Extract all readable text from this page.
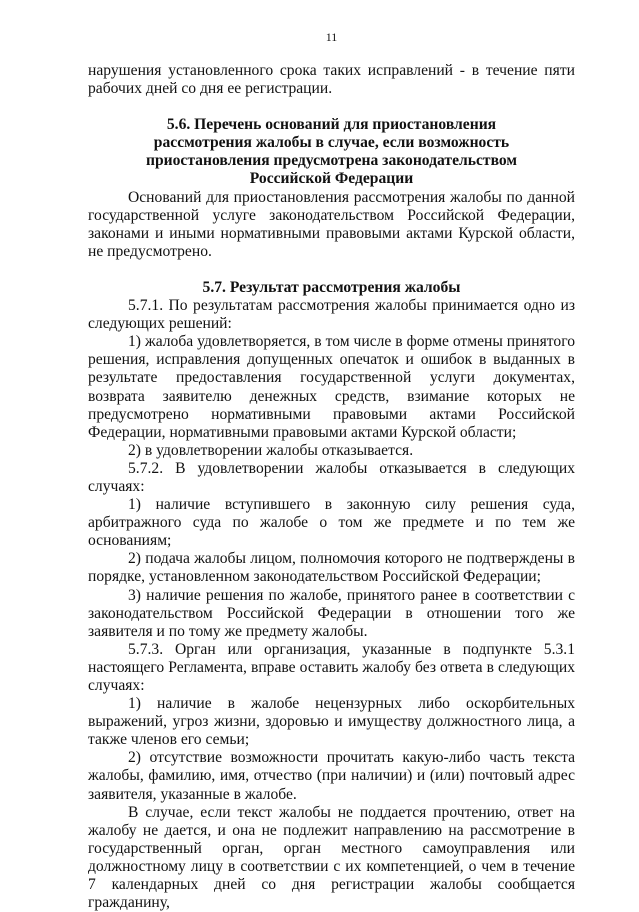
11

нарушения установленного срока таких исправлений - в течение пяти рабочих дней со дня ее регистрации.

5.6. Перечень оснований для приостановления

рассмотрения жалобы в случае, если возможность

приостановления предусмотрена законодательством

Российской Федерации

Оснований для приостановления рассмотрения жалобы по данной государственной услуге законодательством Российской Федерации, законами и иными нормативными правовыми актами Курской области, не предусмотрено.

5.7. Результат рассмотрения жалобы

5.7.1. По результатам рассмотрения жалобы принимается одно из следующих решений:

1) жалоба удовлетворяется, в том числе в форме отмены принятого решения, исправления допущенных опечаток и ошибок в выданных в результате предоставления государственной услуги документах, возврата заявителю денежных средств, взимание которых не предусмотрено нормативными правовыми актами Российской Федерации, нормативными правовыми актами Курской области;

2) в удовлетворении жалобы отказывается.

5.7.2. В удовлетворении жалобы отказывается в следующих случаях:

1) наличие вступившего в законную силу решения суда, арбитражного суда по жалобе о том же предмете и по тем же основаниям;

2) подача жалобы лицом, полномочия которого не подтверждены в порядке, установленном законодательством Российской Федерации;

3) наличие решения по жалобе, принятого ранее в соответствии с законодательством Российской Федерации в отношении того же заявителя и по тому же предмету жалобы.

5.7.3. Орган или организация, указанные в подпункте 5.3.1 настоящего Регламента, вправе оставить жалобу без ответа в следующих случаях:

1) наличие в жалобе нецензурных либо оскорбительных выражений, угроз жизни, здоровью и имуществу должностного лица, а также членов его семьи;

2) отсутствие возможности прочитать какую-либо часть текста жалобы, фамилию, имя, отчество (при наличии) и (или) почтовый адрес заявителя, указанные в жалобе.

В случае, если текст жалобы не поддается прочтению, ответ на жалобу не дается, и она не подлежит направлению на рассмотрение в государственный орган, орган местного самоуправления или должностному лицу в соответствии с их компетенцией, о чем в течение 7 календарных дней со дня регистрации жалобы сообщается гражданину,
